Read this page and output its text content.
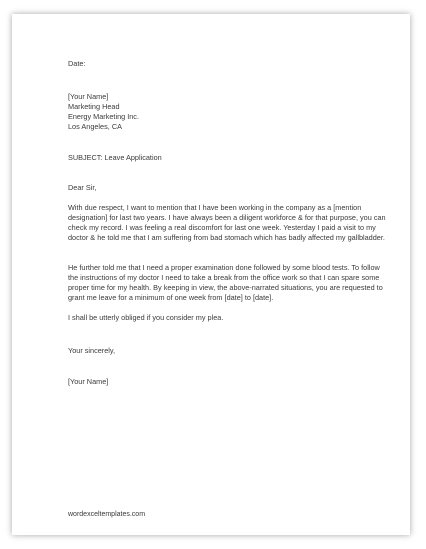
Date:

[Your Name]
Marketing Head
Energy Marketing Inc.
Los Angeles, CA

SUBJECT: Leave Application

Dear Sir,

With due respect, I want to mention that I have been working in the company as a [mention designation] for last two years. I have always been a diligent workforce & for that purpose, you can check my record. I was feeling a real discomfort for last one week. Yesterday I paid a visit to my doctor & he told me that I am suffering from bad stomach which has badly affected my gallbladder.

He further told me that I need a proper examination done followed by some blood tests. To follow the instructions of my doctor I need to take a break from the office work so that I can spare some proper time for my health. By keeping in view, the above-narrated situations, you are requested to grant me leave for a minimum of one week from [date] to [date].

I shall be utterly obliged if you consider my plea.

Your sincerely,

[Your Name]

wordexceltemplates.com
